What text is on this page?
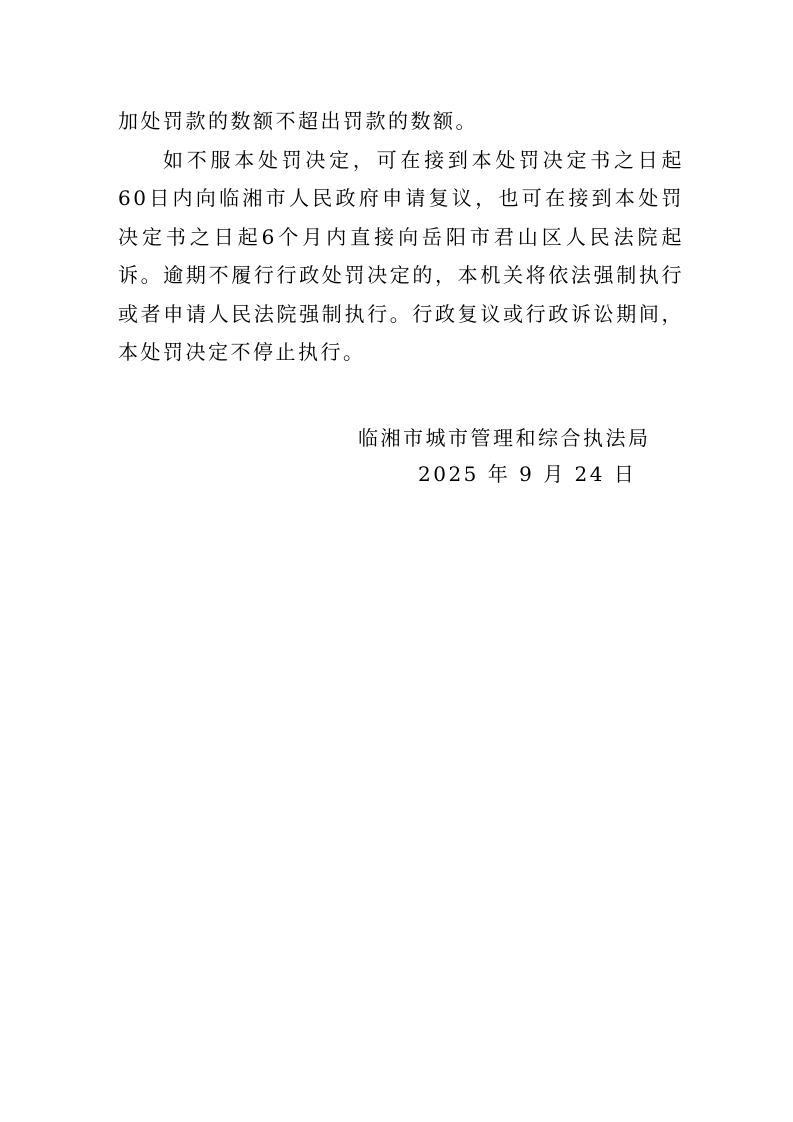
加处罚款的数额不超出罚款的数额。

如不服本处罚决定，可在接到本处罚决定书之日起60日内向临湘市人民政府申请复议，也可在接到本处罚决定书之日起6个月内直接向岳阳市君山区人民法院起诉。逾期不履行行政处罚决定的，本机关将依法强制执行或者申请人民法院强制执行。行政复议或行政诉讼期间，本处罚决定不停止执行。

临湘市城市管理和综合执法局
2025 年 9 月 24 日
